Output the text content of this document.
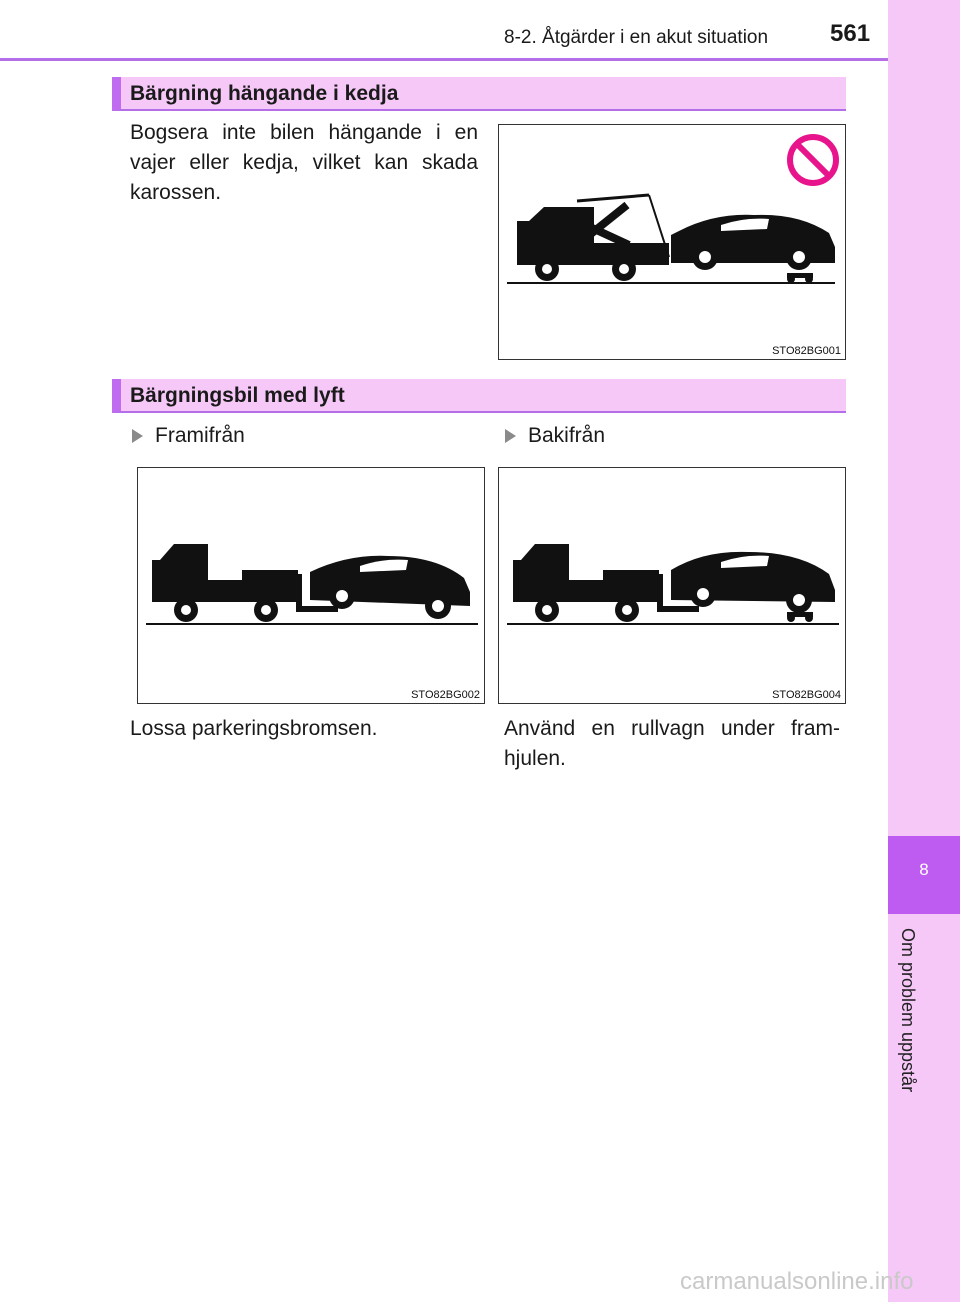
8-2. Åtgärder i en akut situation	561
8
Om problem uppstår
Bärgning hängande i kedja
Bogsera inte bilen hängande i en vajer eller kedja, vilket kan skada karossen.
STO82BG001
Bärgningsbil med lyft
Framifrån	Bakifrån
STO82BG002	STO82BG004
Lossa parkeringsbromsen.	Använd en rullvagn under fram-hjulen.
carmanualsonline.info
